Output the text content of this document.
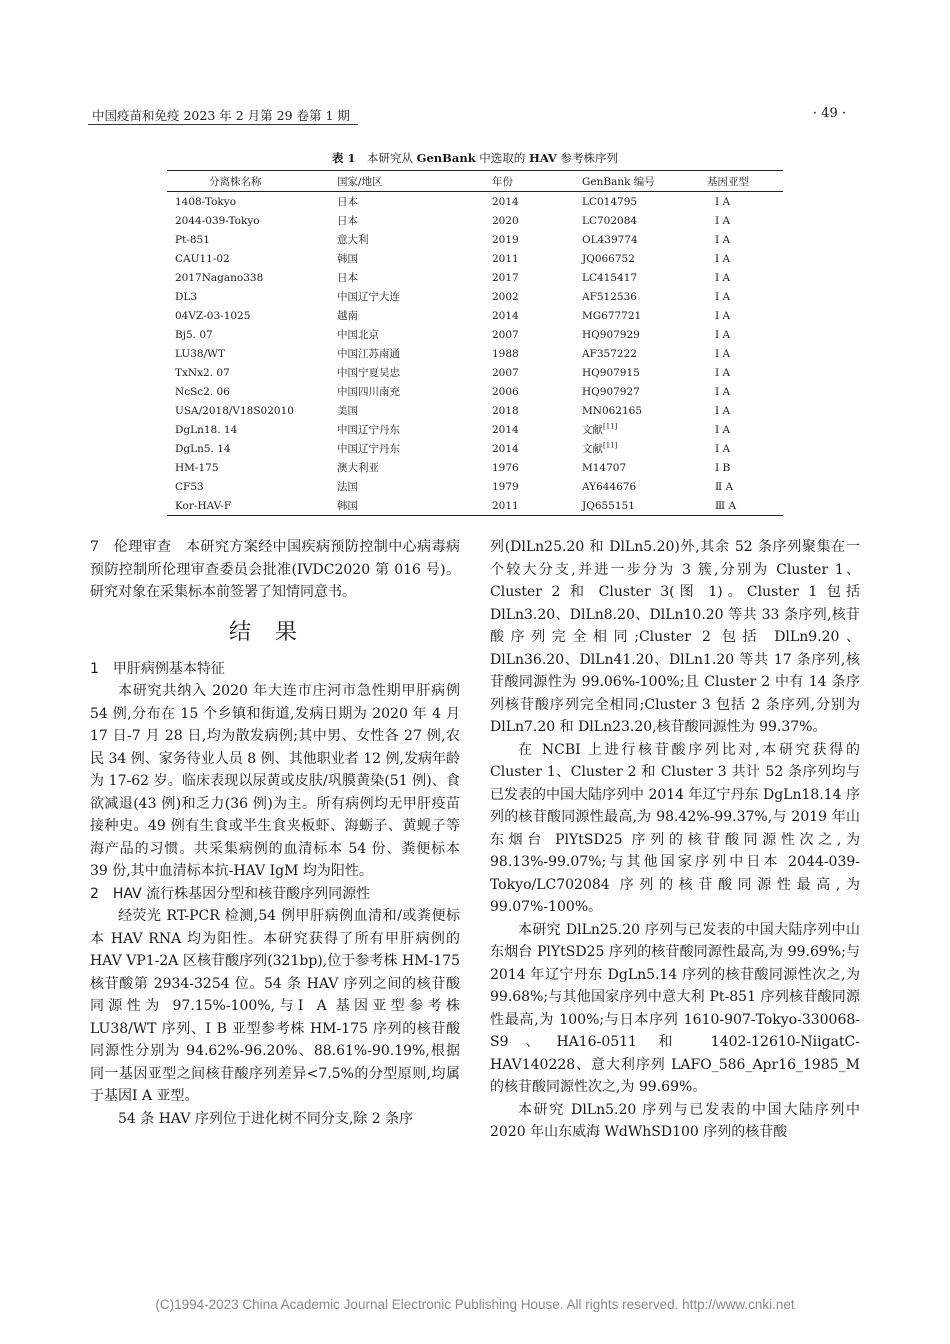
中国疫苗和免疫 2023 年 2 月第 29 卷第 1 期	· 49 ·
表 1　 本研究从 GenBank 中选取的 HAV 参考株序列
分离株名称	国家/地区	年份	GenBank 编号	基因亚型
1408-Tokyo	日本	2014	LC014795	Ⅰ A
2044-039-Tokyo	日本	2020	LC702084	Ⅰ A
Pt-851	意大利	2019	OL439774	Ⅰ A
CAU11-02	韩国	2011	JQ066752	Ⅰ A
2017Nagano338	日本	2017	LC415417	Ⅰ A
DL3	中国辽宁大连	2002	AF512536	Ⅰ A
04VZ-03-1025	越南	2014	MG677721	Ⅰ A
Bj5. 07	中国北京	2007	HQ907929	Ⅰ A
LU38/WT	中国江苏南通	1988	AF357222	Ⅰ A
TxNx2. 07	中国宁夏吴忠	2007	HQ907915	Ⅰ A
NcSc2. 06	中国四川南充	2006	HQ907927	Ⅰ A
USA/2018/V18S02010	美国	2018	MN062165	Ⅰ A
DgLn18. 14	中国辽宁丹东	2014	文献[11]	Ⅰ A
DgLn5. 14	中国辽宁丹东	2014	文献[11]	Ⅰ A
HM-175	澳大利亚	1976	M14707	Ⅰ B
CF53	法国	1979	AY644676	Ⅱ A
Kor-HAV-F	韩国	2011	JQ655151	Ⅲ A

7　伦理审查　本研究方案经中国疾病预防控制中心病毒病预防控制所伦理审查委员会批准(IVDC2020 第 016 号)。研究对象在采集标本前签署了知情同意书。

结果

1　甲肝病例基本特征

本研究共纳入 2020 年大连市庄河市急性期甲肝病例 54 例,分布在 15 个乡镇和街道,发病日期为 2020 年 4 月 17 日-7 月 28 日,均为散发病例;其中男、女性各 27 例,农民 34 例、家务待业人员 8 例、其他职业者 12 例,发病年龄为 17-62 岁。临床表现以尿黄或皮肤/巩膜黄染(51 例)、食欲减退(43 例)和乏力(36 例)为主。所有病例均无甲肝疫苗接种史。49 例有生食或半生食夹板虾、海蛎子、黄蚬子等海产品的习惯。共采集病例的血清标本 54 份、粪便标本 39 份,其中血清标本抗-HAV IgM 均为阳性。

2　HAV 流行株基因分型和核苷酸序列同源性

经荧光 RT-PCR 检测,54 例甲肝病例血清和/或粪便标本 HAV RNA 均为阳性。本研究获得了所有甲肝病例的 HAV VP1-2A 区核苷酸序列(321bp),位于参考株 HM-175 核苷酸第 2934-3254 位。54 条 HAV 序列之间的核苷酸同源性为 97.15%-100%,与Ⅰ A 基因亚型参考株 LU38/WT 序列、Ⅰ B 亚型参考株 HM-175 序列的核苷酸同源性分别为 94.62%-96.20%、88.61%-90.19%,根据同一基因亚型之间核苷酸序列差异<7.5%的分型原则,均属于基因Ⅰ A 亚型。

54 条 HAV 序列位于进化树不同分支,除 2 条序

列(DlLn25.20 和 DlLn5.20)外,其余 52 条序列聚集在一个较大分支,并进一步分为 3 簇,分别为 Cluster 1、Cluster 2 和 Cluster 3(图 1)。Cluster 1 包括 DlLn3.20、DlLn8.20、DlLn10.20 等共 33 条序列,核苷酸序列完全相同;Cluster 2 包括 DlLn9.20、DlLn36.20、DlLn41.20、DlLn1.20 等共 17 条序列,核苷酸同源性为 99.06%-100%;且 Cluster 2 中有 14 条序列核苷酸序列完全相同;Cluster 3 包括 2 条序列,分别为 DlLn7.20 和 DlLn23.20,核苷酸同源性为 99.37%。

在 NCBI 上进行核苷酸序列比对,本研究获得的 Cluster 1、Cluster 2 和 Cluster 3 共计 52 条序列均与已发表的中国大陆序列中 2014 年辽宁丹东 DgLn18.14 序列的核苷酸同源性最高,为 98.42%-99.37%,与 2019 年山东烟台 PlYtSD25 序列的核苷酸同源性次之,为 98.13%-99.07%;与其他国家序列中日本 2044-039-Tokyo/LC702084 序列的核苷酸同源性最高,为 99.07%-100%。

本研究 DlLn25.20 序列与已发表的中国大陆序列中山东烟台 PlYtSD25 序列的核苷酸同源性最高,为 99.69%;与 2014 年辽宁丹东 DgLn5.14 序列的核苷酸同源性次之,为 99.68%;与其他国家序列中意大利 Pt-851 序列核苷酸同源性最高,为 100%;与日本序列 1610-907-Tokyo-330068-S9、HA16-0511 和 1402-12610-NiigatC-HAV140228、意大利序列 LAFO_586_Apr16_1985_M 的核苷酸同源性次之,为 99.69%。

本研究 DlLn5.20 序列与已发表的中国大陆序列中 2020 年山东威海 WdWhSD100 序列的核苷酸

(C)1994-2023 China Academic Journal Electronic Publishing House. All rights reserved. http://www.cnki.net
